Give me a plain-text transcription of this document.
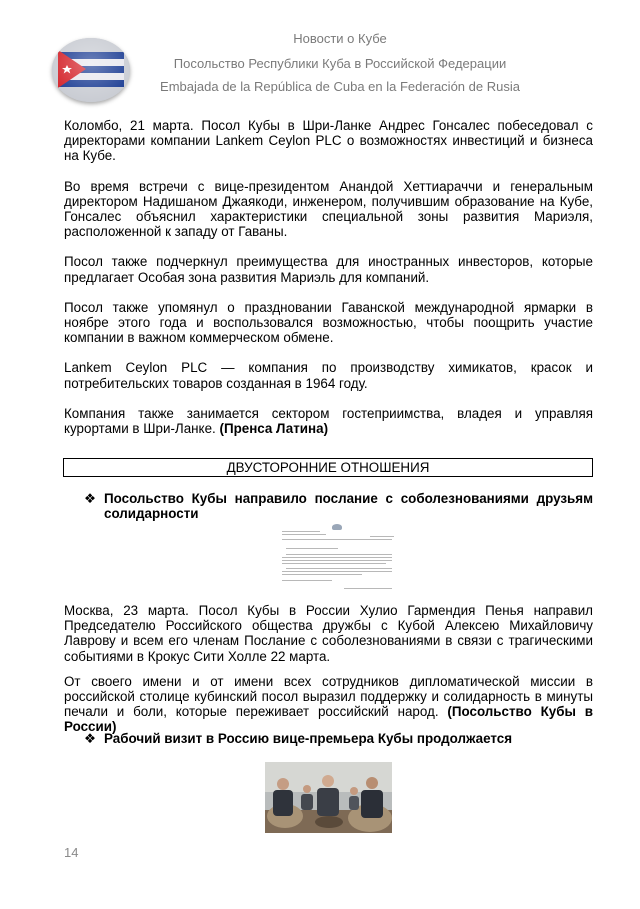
Новости о Кубе
Посольство Республики Куба в Российской Федерации
Embajada de la República de Cuba en la Federación de Rusia

Коломбо, 21 марта. Посол Кубы в Шри-Ланке Андрес Гонсалес побеседовал с директорами компании Lankem Ceylon PLC о возможностях инвестиций и бизнеса на Кубе.

Во время встречи с вице-президентом Анандой Хеттиараччи и генеральным директором Надишаном Джаякоди, инженером, получившим образование на Кубе, Гонсалес объяснил характеристики специальной зоны развития Мариэля, расположенной к западу от Гаваны.

Посол также подчеркнул преимущества для иностранных инвесторов, которые предлагает Особая зона развития Мариэль для компаний.

Посол также упомянул о праздновании Гаванской международной ярмарки в ноябре этого года и воспользовался возможностью, чтобы поощрить участие компании в важном коммерческом обмене.

Lankem Ceylon PLC — компания по производству химикатов, красок и потребительских товаров созданная в 1964 году.

Компания также занимается сектором гостеприимства, владея и управляя курортами в Шри-Ланке. (Пренса Латина)

ДВУСТОРОННИЕ ОТНОШЕНИЯ
❖ Посольство Кубы направило послание с соболезнованиями друзьям солидарности

Москва, 23 марта. Посол Кубы в России Хулио Гармендия Пенья направил Председателю Российского общества дружбы с Кубой Алексею Михайловичу Лаврову и всем его членам Послание с соболезнованиями в связи с трагическими событиями в Крокус Сити Холле 22 марта.

От своего имени и от имени всех сотрудников дипломатической миссии в российской столице кубинский посол выразил поддержку и солидарность в минуты печали и боли, которые переживает российский народ. (Посольство Кубы в России)

❖ Рабочий визит в Россию вице-премьера Кубы продолжается
14
